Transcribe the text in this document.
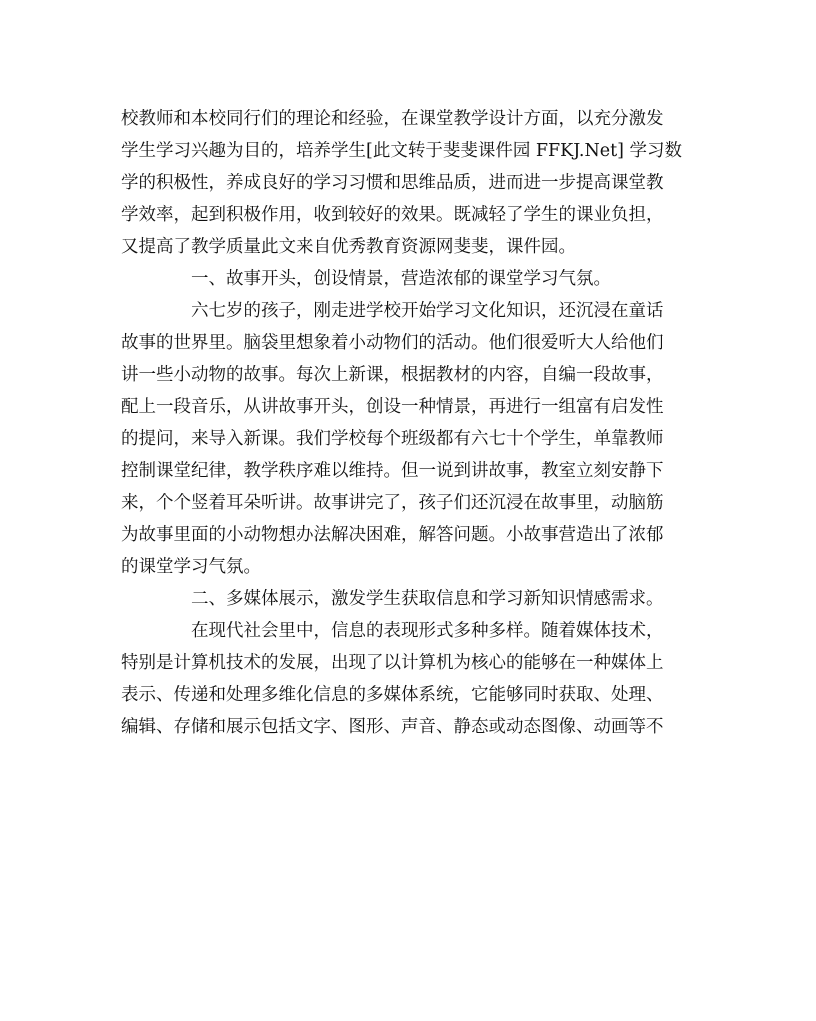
校教师和本校同行们的理论和经验，在课堂教学设计方面，以充分激发
学生学习兴趣为目的，培养学生[此文转于斐斐课件园 FFKJ.Net] 学习数
学的积极性，养成良好的学习习惯和思维品质，进而进一步提高课堂教
学效率，起到积极作用，收到较好的效果。既减轻了学生的课业负担，
又提高了教学质量此文来自优秀教育资源网斐斐，课件园。
一、故事开头，创设情景，营造浓郁的课堂学习气氛。
六七岁的孩子，刚走进学校开始学习文化知识，还沉浸在童话
故事的世界里。脑袋里想象着小动物们的活动。他们很爱听大人给他们
讲一些小动物的故事。每次上新课，根据教材的内容，自编一段故事，
配上一段音乐，从讲故事开头，创设一种情景，再进行一组富有启发性
的提问，来导入新课。我们学校每个班级都有六七十个学生，单靠教师
控制课堂纪律，教学秩序难以维持。但一说到讲故事，教室立刻安静下
来，个个竖着耳朵听讲。故事讲完了，孩子们还沉浸在故事里，动脑筋
为故事里面的小动物想办法解决困难，解答问题。小故事营造出了浓郁
的课堂学习气氛。
二、多媒体展示，激发学生获取信息和学习新知识情感需求。
在现代社会里中，信息的表现形式多种多样。随着媒体技术，
特别是计算机技术的发展，出现了以计算机为核心的能够在一种媒体上
表示、传递和处理多维化信息的多媒体系统，它能够同时获取、处理、
编辑、存储和展示包括文字、图形、声音、静态或动态图像、动画等不
